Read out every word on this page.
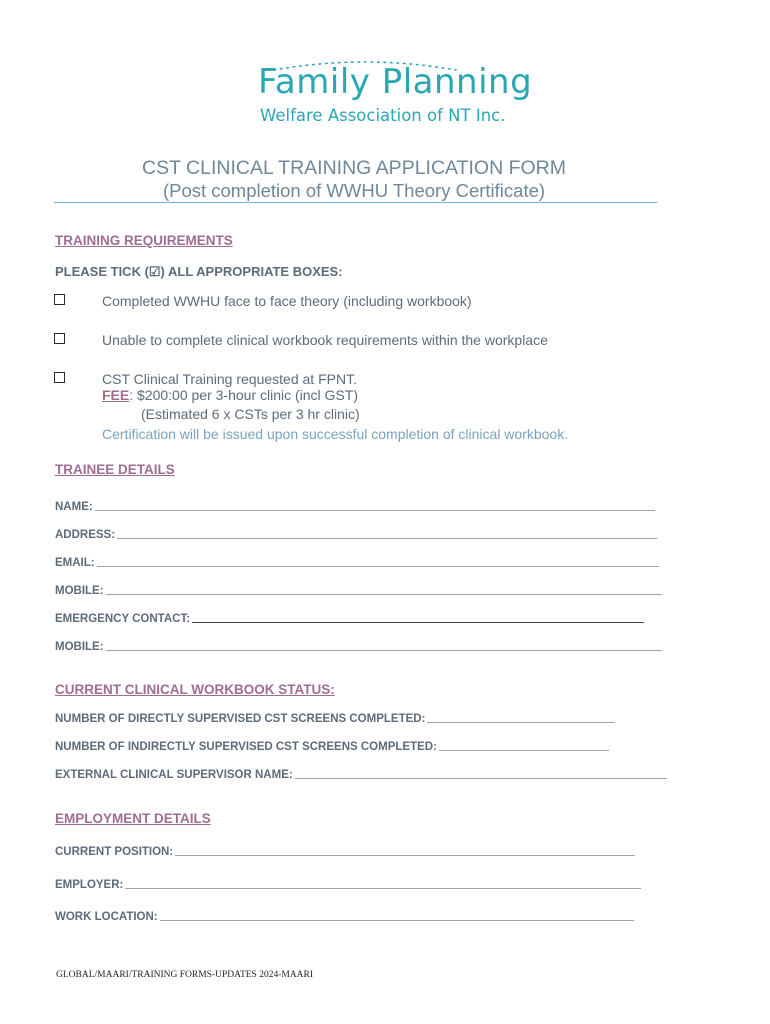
Family Planning
Welfare Association of NT Inc.
CST CLINICAL TRAINING APPLICATION FORM
(Post completion of WWHU Theory Certificate)
TRAINING REQUIREMENTS
PLEASE TICK (☑) ALL APPROPRIATE BOXES:
Completed WWHU face to face theory (including workbook)
Unable to complete clinical workbook requirements within the workplace
CST Clinical Training requested at FPNT.
FEE: $200:00 per 3-hour clinic (incl GST)
(Estimated 6 x CSTs per 3 hr clinic)
Certification will be issued upon successful completion of clinical workbook.
TRAINEE DETAILS
NAME:
ADDRESS:
EMAIL:
MOBILE:
EMERGENCY CONTACT:
MOBILE:
CURRENT CLINICAL WORKBOOK STATUS:
NUMBER OF DIRECTLY SUPERVISED CST SCREENS COMPLETED:
NUMBER OF INDIRECTLY SUPERVISED CST SCREENS COMPLETED:
EXTERNAL CLINICAL SUPERVISOR NAME:
EMPLOYMENT DETAILS
CURRENT POSITION:
EMPLOYER:
WORK LOCATION:
GLOBAL/MAARI/TRAINING FORMS-UPDATES 2024-MAARI
